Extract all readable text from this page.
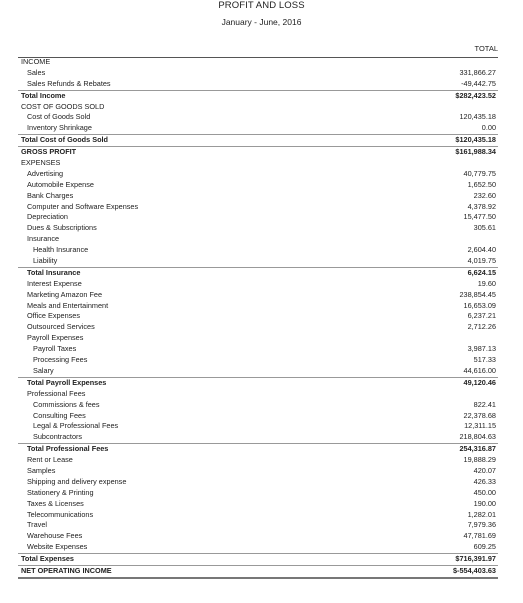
PROFIT AND LOSS
January - June, 2016
TOTAL
INCOME
Sales	331,866.27
Sales Refunds & Rebates	-49,442.75
Total Income	$282,423.52
COST OF GOODS SOLD
Cost of Goods Sold	120,435.18
Inventory Shrinkage	0.00
Total Cost of Goods Sold	$120,435.18
GROSS PROFIT	$161,988.34
EXPENSES
Advertising	40,779.75
Automobile Expense	1,652.50
Bank Charges	232.60
Computer and Software Expenses	4,378.92
Depreciation	15,477.50
Dues & Subscriptions	305.61
Insurance
Health Insurance	2,604.40
Liability	4,019.75
Total Insurance	6,624.15
Interest Expense	19.60
Marketing Amazon Fee	238,854.45
Meals and Entertainment	16,653.09
Office Expenses	6,237.21
Outsourced Services	2,712.26
Payroll Expenses
Payroll Taxes	3,987.13
Processing Fees	517.33
Salary	44,616.00
Total Payroll Expenses	49,120.46
Professional Fees
Commissions & fees	822.41
Consulting Fees	22,378.68
Legal & Professional Fees	12,311.15
Subcontractors	218,804.63
Total Professional Fees	254,316.87
Rent or Lease	19,888.29
Samples	420.07
Shipping and delivery expense	426.33
Stationery & Printing	450.00
Taxes & Licenses	190.00
Telecommunications	1,282.01
Travel	7,979.36
Warehouse Fees	47,781.69
Website Expenses	609.25
Total Expenses	$716,391.97
NET OPERATING INCOME	$-554,403.63
